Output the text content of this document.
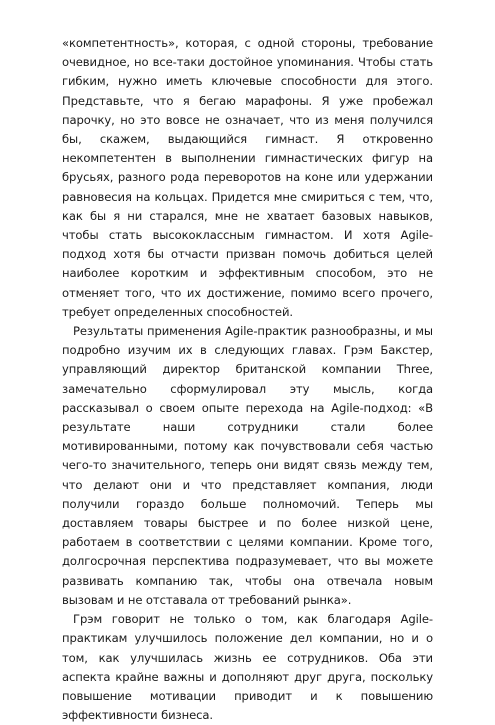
«компетентность», которая, с одной стороны, требование очевидное, но все-таки достойное упоминания. Чтобы стать гибким, нужно иметь ключевые способности для этого. Представьте, что я бегаю марафоны. Я уже пробежал парочку, но это вовсе не означает, что из меня получился бы, скажем, выдающийся гимнаст. Я откровенно некомпетентен в выполнении гимнастических фигур на брусьях, разного рода переворотов на коне или удержании равновесия на кольцах. Придется мне смириться с тем, что, как бы я ни старался, мне не хватает базовых навыков, чтобы стать высококлассным гимнастом. И хотя Agile-подход хотя бы отчасти призван помочь добиться целей наиболее коротким и эффективным способом, это не отменяет того, что их достижение, помимо всего прочего, требует определенных способностей.

Результаты применения Agile-практик разнообразны, и мы подробно изучим их в следующих главах. Грэм Бакстер, управляющий директор британской компании Three, замечательно сформулировал эту мысль, когда рассказывал о своем опыте перехода на Agile-подход: «В результате наши сотрудники стали более мотивированными, потому как почувствовали себя частью чего-то значительного, теперь они видят связь между тем, что делают они и что представляет компания, люди получили гораздо больше полномочий. Теперь мы доставляем товары быстрее и по более низкой цене, работаем в соответствии с целями компании. Кроме того, долгосрочная перспектива подразумевает, что вы можете развивать компанию так, чтобы она отвечала новым вызовам и не отставала от требований рынка».

Грэм говорит не только о том, как благодаря Agile-практикам улучшилось положение дел компании, но и о том, как улучшилась жизнь ее сотрудников. Оба эти аспекта крайне важны и дополняют друг друга, поскольку повышение мотивации приводит и к повышению эффективности бизнеса.
